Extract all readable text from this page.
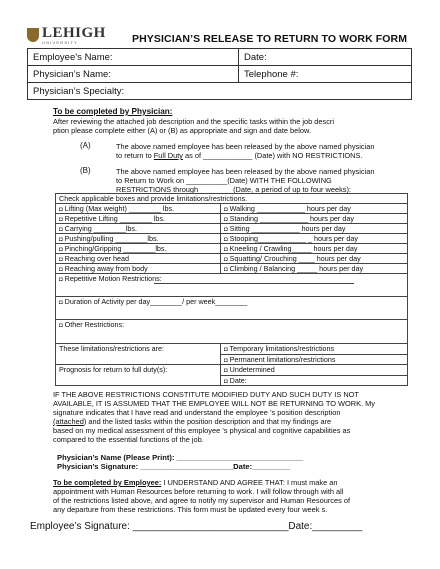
LEHIGH
UNIVERSITY	PHYSICIAN’S RELEASE TO RETURN TO WORK FORM
Employee’s Name:	Date:
Physician’s Name:	Telephone #:
Physician’s Specialty:	
To be completed by Physician:
After reviewing the attached job description and the specific tasks within the job descri
ption please complete either (A) or (B) as appropriate and sign and date below.
(A)	The above named employee has been released by the above named physician
to return to Full Duty as of ____________ (Date) with NO RESTRICTIONS.
(B)	The above named employee has been released by the above named physician
to Return to Work on __________(Date) WITH THE FOLLOWING
RESTRICTIONS through ________(Date, a period of up to four weeks):
Check applicable boxes and provide limitations/restrictions.	
◘ Lifting (Max weight) ________ lbs.	◘ Walking ____________ hours per day
◘ Repetitive Lifting ________ lbs.	◘ Standing ____________ hours per day
◘ Carrying ________lbs.	◘ Sitting ____________ hours per day
◘ Pushing/pulling ________lbs.	◘ Stooping____________ _ hours per day
◘ Pinching/Gripping ________lbs.	◘ Kneeling / Crawling_____ hours per day
◘ Reaching over head	◘ Squatting/ Crouching ____ hours per day
◘ Reaching away from body	◘ Climbing / Balancing _____ hours per day
◘ Repetitive Motion Restrictions:	

◘ Duration of Activity per day________/ per week________	
◘ Other Restrictions:	
These limitations/restrictions are:	◘ Temporary limitations/restrictions
	◘ Permanent limitations/restrictions
Prognosis for return to full duty(s):	◘ Undetermined
	◘ Date:
IF THE ABOVE RESTRICTIONS CONSTITUTE MODIFIED DUTY AND SUCH DUTY IS NOT
AVAILABLE, IT IS ASSUMED THAT THE EMPLOYEE WILL NOT BE RETURNING TO WORK. My
signature indicates that I have read and understand the employee ’s position description
(attached) and the listed tasks within the position description and that my findings are
based on my medical assessment of this employee ’s physical and cognitive capabilities as
compared to the essential functions of the job.
Physician’s Name (Please Print): ______________________________
Physician’s Signature: ______________________Date:_________
To be completed by Employee: I UNDERSTAND AND AGREE THAT: I must make an
appointment with Human Resources before returning to work. I will follow through with all
of the restrictions listed above, and agree to notify my supervisor and Human Resources of
any departure from these restrictions. This form must be updated every four week s.
Employee’s Signature: ____________________________Date:_________
